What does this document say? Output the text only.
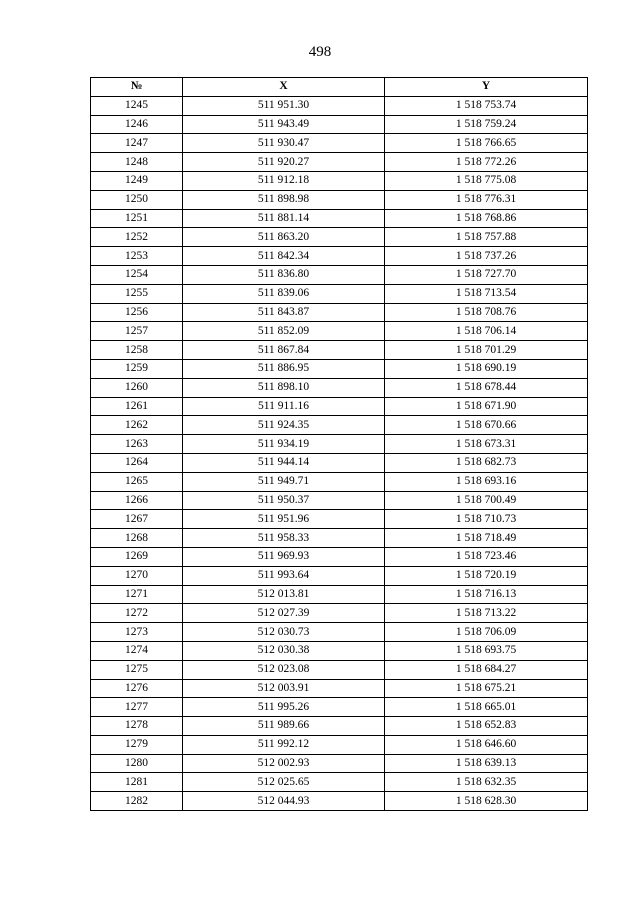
498
№	X	Y
1245	511 951.30	1 518 753.74
1246	511 943.49	1 518 759.24
1247	511 930.47	1 518 766.65
1248	511 920.27	1 518 772.26
1249	511 912.18	1 518 775.08
1250	511 898.98	1 518 776.31
1251	511 881.14	1 518 768.86
1252	511 863.20	1 518 757.88
1253	511 842.34	1 518 737.26
1254	511 836.80	1 518 727.70
1255	511 839.06	1 518 713.54
1256	511 843.87	1 518 708.76
1257	511 852.09	1 518 706.14
1258	511 867.84	1 518 701.29
1259	511 886.95	1 518 690.19
1260	511 898.10	1 518 678.44
1261	511 911.16	1 518 671.90
1262	511 924.35	1 518 670.66
1263	511 934.19	1 518 673.31
1264	511 944.14	1 518 682.73
1265	511 949.71	1 518 693.16
1266	511 950.37	1 518 700.49
1267	511 951.96	1 518 710.73
1268	511 958.33	1 518 718.49
1269	511 969.93	1 518 723.46
1270	511 993.64	1 518 720.19
1271	512 013.81	1 518 716.13
1272	512 027.39	1 518 713.22
1273	512 030.73	1 518 706.09
1274	512 030.38	1 518 693.75
1275	512 023.08	1 518 684.27
1276	512 003.91	1 518 675.21
1277	511 995.26	1 518 665.01
1278	511 989.66	1 518 652.83
1279	511 992.12	1 518 646.60
1280	512 002.93	1 518 639.13
1281	512 025.65	1 518 632.35
1282	512 044.93	1 518 628.30
